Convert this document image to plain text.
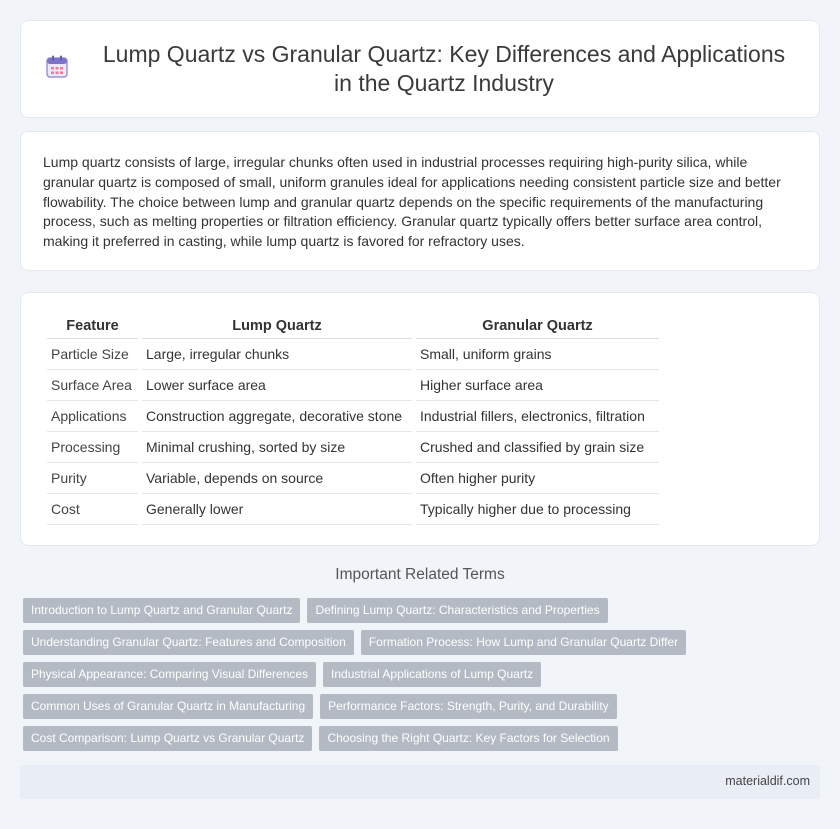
Lump Quartz vs Granular Quartz: Key Differences and Applications in the Quartz Industry

Lump quartz consists of large, irregular chunks often used in industrial processes requiring high-purity silica, while granular quartz is composed of small, uniform granules ideal for applications needing consistent particle size and better flowability. The choice between lump and granular quartz depends on the specific requirements of the manufacturing process, such as melting properties or filtration efficiency. Granular quartz typically offers better surface area control, making it preferred in casting, while lump quartz is favored for refractory uses.

Feature	Lump Quartz	Granular Quartz
Particle Size	Large, irregular chunks	Small, uniform grains
Surface Area	Lower surface area	Higher surface area
Applications	Construction aggregate, decorative stone	Industrial fillers, electronics, filtration
Processing	Minimal crushing, sorted by size	Crushed and classified by grain size
Purity	Variable, depends on source	Often higher purity
Cost	Generally lower	Typically higher due to processing
Important Related Terms
Introduction to Lump Quartz and Granular Quartz	Defining Lump Quartz: Characteristics and Properties
Understanding Granular Quartz: Features and Composition	Formation Process: How Lump and Granular Quartz Differ
Physical Appearance: Comparing Visual Differences	Industrial Applications of Lump Quartz
Common Uses of Granular Quartz in Manufacturing	Performance Factors: Strength, Purity, and Durability
Cost Comparison: Lump Quartz vs Granular Quartz	Choosing the Right Quartz: Key Factors for Selection
materialdif.com
